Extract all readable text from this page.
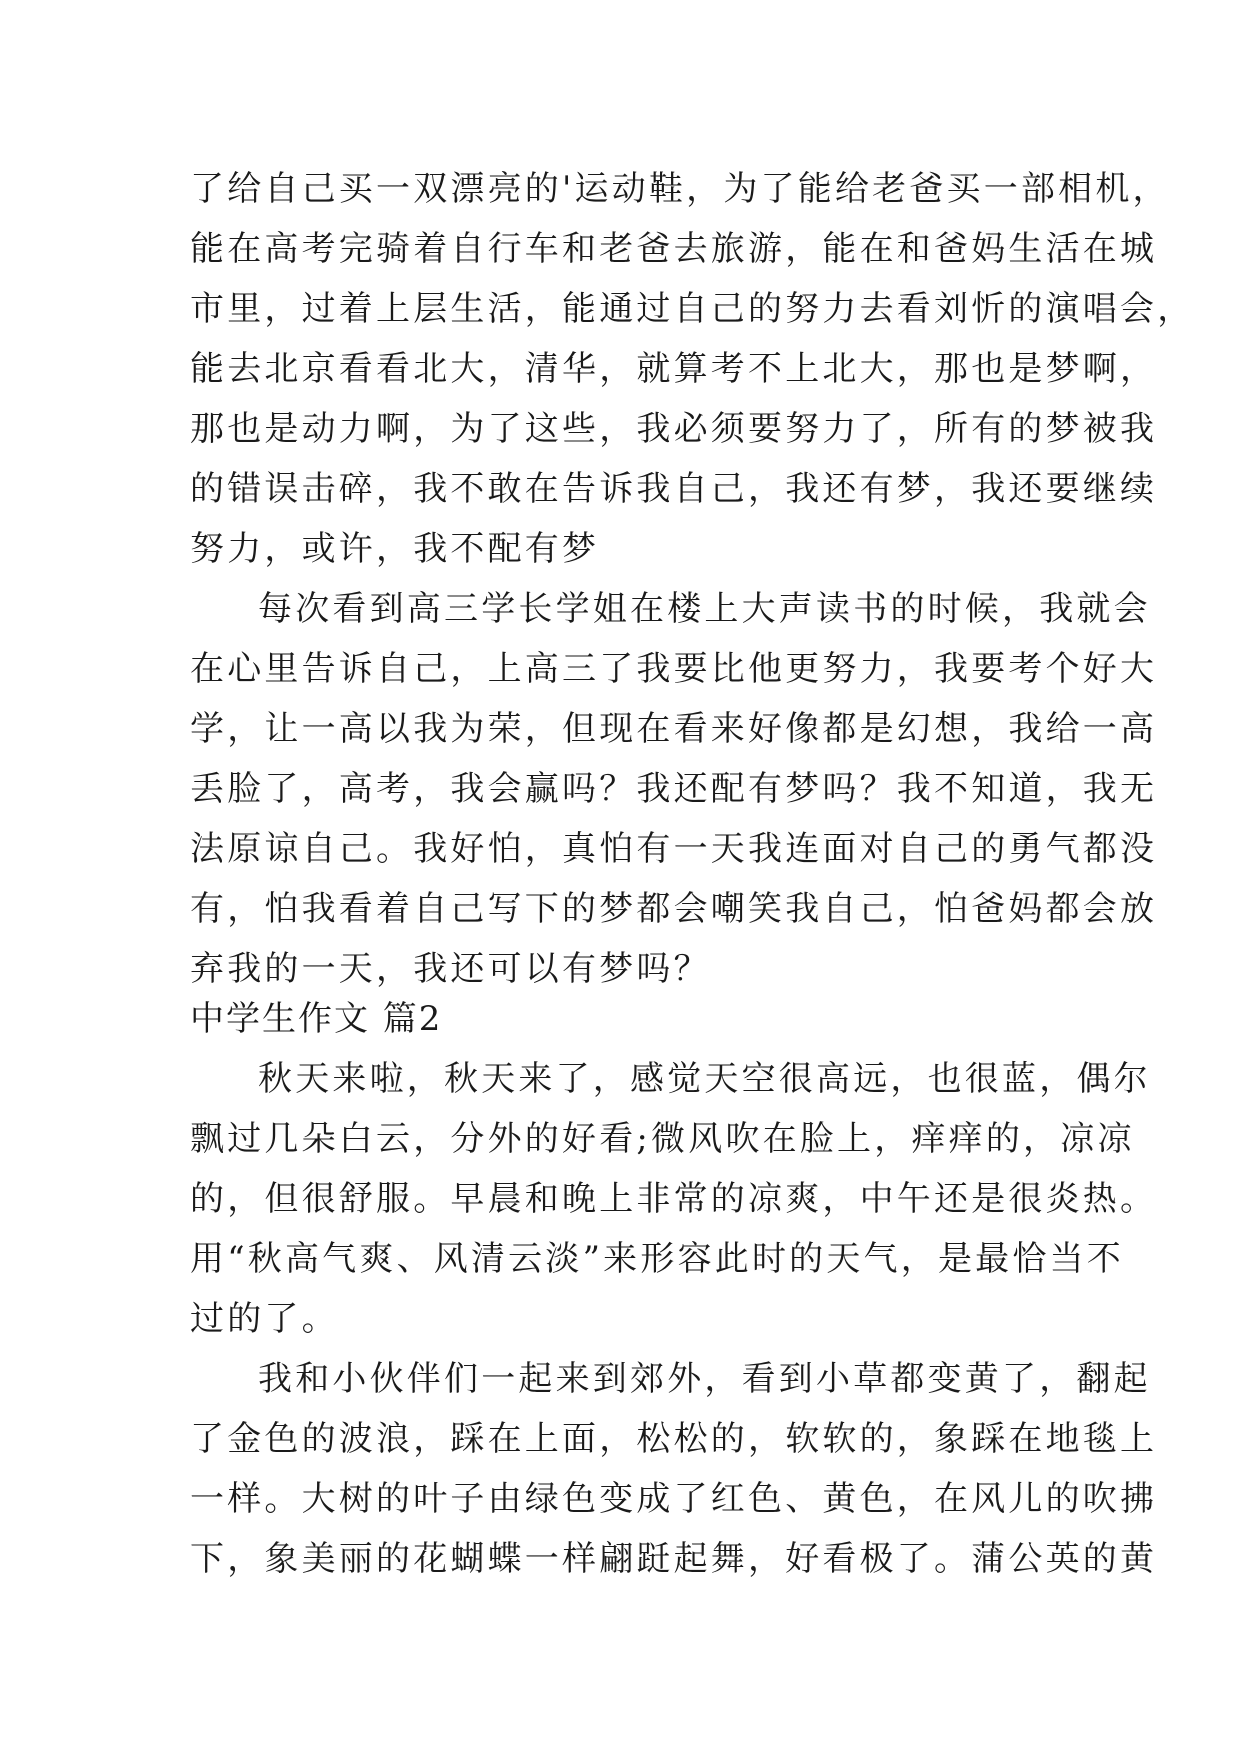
了给自己买一双漂亮的'运动鞋，为了能给老爸买一部相机，
能在高考完骑着自行车和老爸去旅游，能在和爸妈生活在城
市里，过着上层生活，能通过自己的努力去看刘忻的演唱会，
能去北京看看北大，清华，就算考不上北大，那也是梦啊，
那也是动力啊，为了这些，我必须要努力了，所有的梦被我
的错误击碎，我不敢在告诉我自己，我还有梦，我还要继续
努力，或许，我不配有梦
每次看到高三学长学姐在楼上大声读书的时候，我就会
在心里告诉自己，上高三了我要比他更努力，我要考个好大
学，让一高以我为荣，但现在看来好像都是幻想，我给一高
丢脸了，高考，我会赢吗？我还配有梦吗？我不知道，我无
法原谅自己。我好怕，真怕有一天我连面对自己的勇气都没
有，怕我看着自己写下的梦都会嘲笑我自己，怕爸妈都会放
弃我的一天，我还可以有梦吗？
中学生作文 篇2
秋天来啦，秋天来了，感觉天空很高远，也很蓝，偶尔
飘过几朵白云，分外的好看;微风吹在脸上，痒痒的，凉凉
的，但很舒服。早晨和晚上非常的凉爽，中午还是很炎热。
用“秋高气爽、风清云淡”来形容此时的天气，是最恰当不
过的了。
我和小伙伴们一起来到郊外，看到小草都变黄了，翻起
了金色的波浪，踩在上面，松松的，软软的，象踩在地毯上
一样。大树的叶子由绿色变成了红色、黄色，在风儿的吹拂
下，象美丽的花蝴蝶一样翩跹起舞，好看极了。蒲公英的黄
